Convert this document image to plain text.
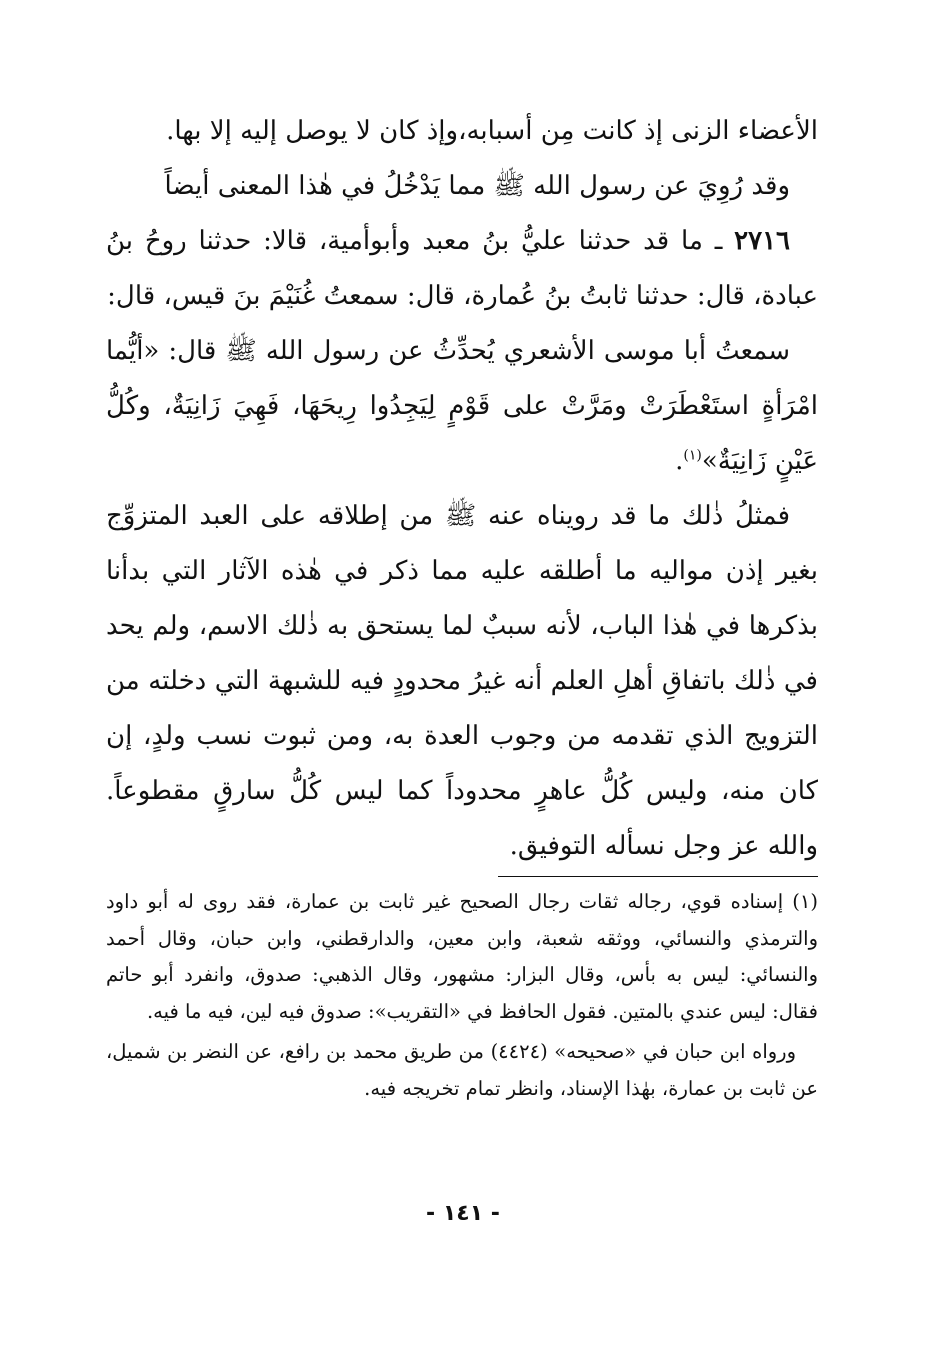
الأعضاء الزنى إذ كانت مِن أسبابه،وإذ كان لا يوصل إليه إلا بها.

وقد رُوِيَ عن رسول الله ﷺ مما يَدْخُلُ في هٰذا المعنى أيضاً

٢٧١٦ ـ ما قد حدثنا عليُّ بنُ معبد وأبوأمية، قالا: حدثنا روحُ بنُ عبادة، قال: حدثنا ثابتُ بنُ عُمارة، قال: سمعتُ غُنَيْمَ بنَ قيس، قال:

سمعتُ أبا موسى الأشعري يُحدِّثُ عن رسول الله ﷺ قال: «أيُّما امْرَأةٍ استَعْطَرَتْ ومَرَّتْ على قَوْمٍ لِيَجِدُوا رِيحَهَا، فَهِيَ زَانِيَةٌ، وكُلُّ عَيْنٍ زَانِيَةٌ»$^{(١)}$.

فمثلُ ذٰلك ما قد رويناه عنه ﷺ من إطلاقه على العبد المتزوِّج بغير إذن مواليه ما أطلقه عليه مما ذكر في هٰذه الآثار التي بدأنا بذكرها في هٰذا الباب، لأنه سببٌ لما يستحق به ذٰلك الاسم، ولم يحد في ذٰلك باتفاقِ أهلِ العلم أنه غيرُ محدودٍ فيه للشبهة التي دخلته من التزويج الذي تقدمه من وجوب العدة به، ومن ثبوت نسب ولدٍ، إن كان منه، وليس كُلُّ عاهرٍ محدوداً كما ليس كُلُّ سارقٍ مقطوعاً. والله عز وجل نسأله التوفيق.

(١) إسناده قوي، رجاله ثقات رجال الصحيح غير ثابت بن عمارة، فقد روى له أبو داود والترمذي والنسائي، ووثقه شعبة، وابن معين، والدارقطني، وابن حبان، وقال أحمد والنسائي: ليس به بأس، وقال البزار: مشهور، وقال الذهبي: صدوق، وانفرد أبو حاتم فقال: ليس عندي بالمتين. فقول الحافظ في «التقريب»: صدوق فيه لين، فيه ما فيه.

ورواه ابن حبان في «صحيحه» (٤٤٢٤) من طريق محمد بن رافع، عن النضر بن شميل، عن ثابت بن عمارة، بهٰذا الإسناد، وانظر تمام تخريجه فيه.

- ١٤١ -
